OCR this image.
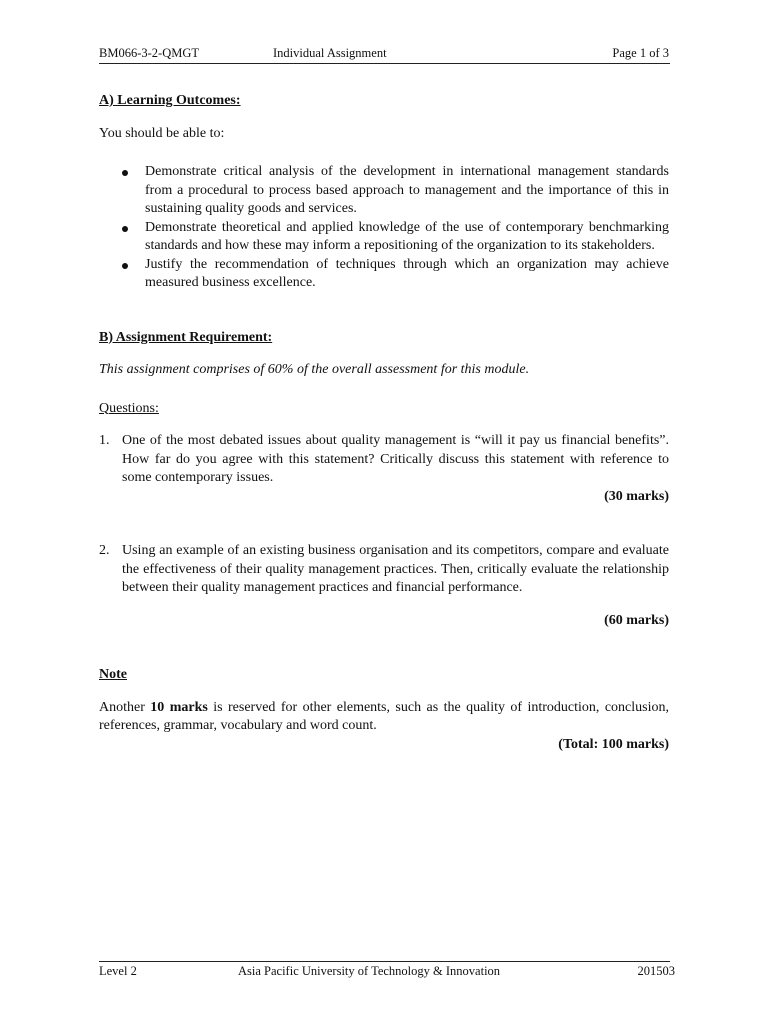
BM066-3-2-QMGT	Individual Assignment	Page 1 of 3

A) Learning Outcomes:

You should be able to:

Demonstrate critical analysis of the development in international management standards from a procedural to process based approach to management and the importance of this in sustaining quality goods and services.
Demonstrate theoretical and applied knowledge of the use of contemporary benchmarking standards and how these may inform a repositioning of the organization to its stakeholders.
Justify the recommendation of techniques through which an organization may achieve measured business excellence.

B) Assignment Requirement:

This assignment comprises of 60% of the overall assessment for this module.

Questions:

1. One of the most debated issues about quality management is “will it pay us financial benefits”. How far do you agree with this statement? Critically discuss this statement with reference to some contemporary issues.

(30 marks)

2. Using an example of an existing business organisation and its competitors, compare and evaluate the effectiveness of their quality management practices. Then, critically evaluate the relationship between their quality management practices and financial performance.

(60 marks)

Note

Another 10 marks is reserved for other elements, such as the quality of introduction, conclusion, references, grammar, vocabulary and word count.

(Total: 100 marks)

Level 2	Asia Pacific University of Technology & Innovation	201503
